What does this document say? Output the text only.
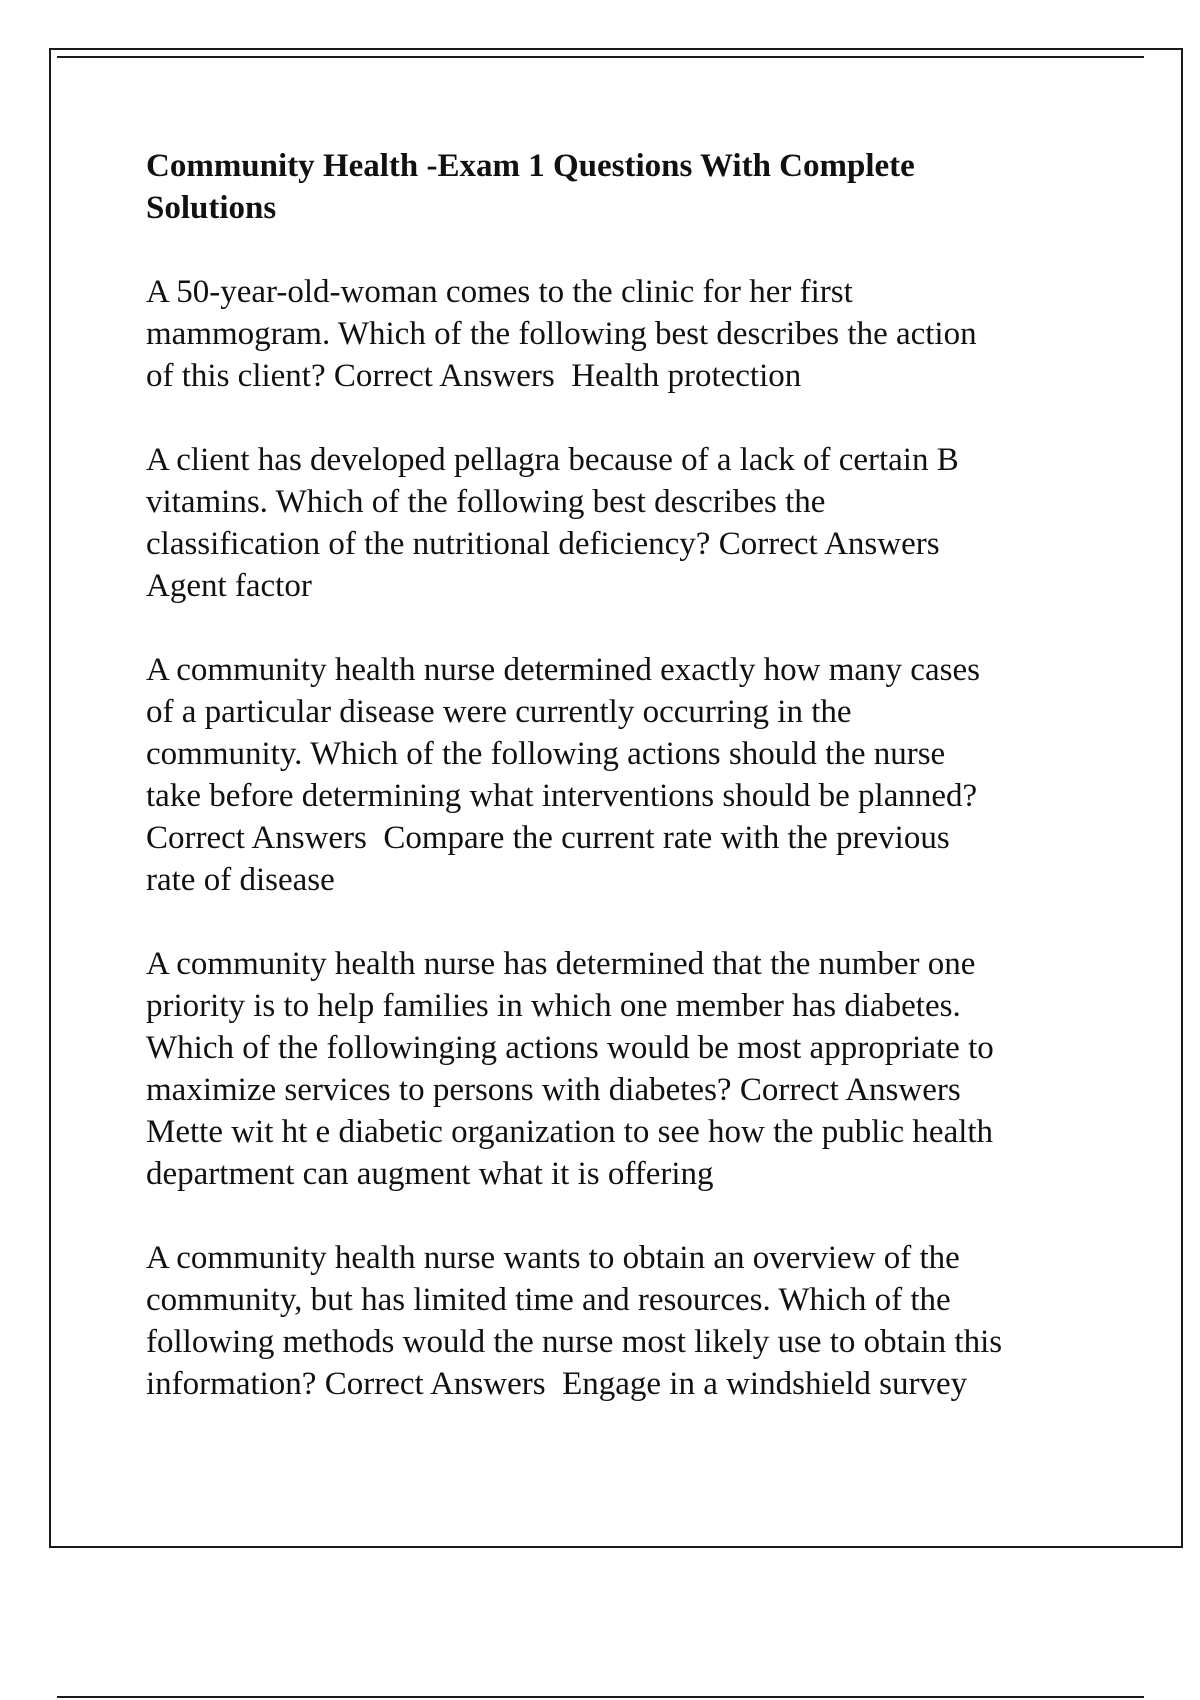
Community Health -Exam 1 Questions With Complete
Solutions

A 50-year-old-woman comes to the clinic for her first
mammogram. Which of the following best describes the action
of this client? Correct Answers Health protection

A client has developed pellagra because of a lack of certain B
vitamins. Which of the following best describes the
classification of the nutritional deficiency? Correct Answers
Agent factor

A community health nurse determined exactly how many cases
of a particular disease were currently occurring in the
community. Which of the following actions should the nurse
take before determining what interventions should be planned?
Correct Answers Compare the current rate with the previous
rate of disease

A community health nurse has determined that the number one
priority is to help families in which one member has diabetes.
Which of the followinging actions would be most appropriate to
maximize services to persons with diabetes? Correct Answers
Mette wit ht e diabetic organization to see how the public health
department can augment what it is offering

A community health nurse wants to obtain an overview of the
community, but has limited time and resources. Which of the
following methods would the nurse most likely use to obtain this
information? Correct Answers Engage in a windshield survey
